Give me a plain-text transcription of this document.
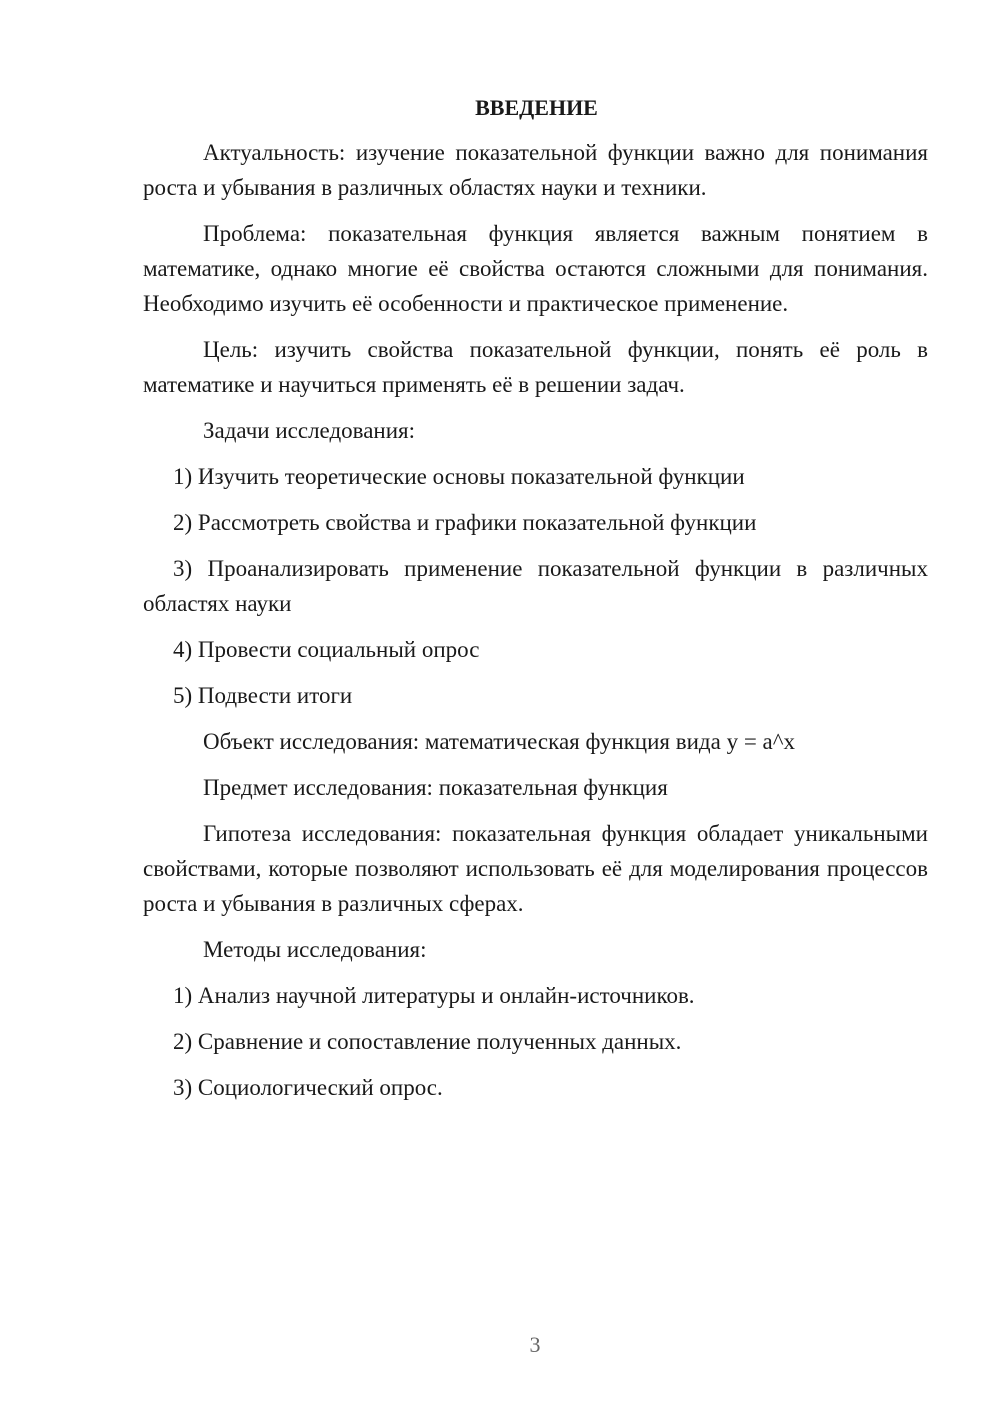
ВВЕДЕНИЕ

Актуальность: изучение показательной функции важно для понимания роста и убывания в различных областях науки и техники.

Проблема: показательная функция является важным понятием в математике, однако многие её свойства остаются сложными для понимания. Необходимо изучить её особенности и практическое применение.

Цель: изучить свойства показательной функции, понять её роль в математике и научиться применять её в решении задач.

Задачи исследования:

1) Изучить теоретические основы показательной функции

2) Рассмотреть свойства и графики показательной функции

3) Проанализировать применение показательной функции в различных областях науки

4) Провести социальный опрос

5) Подвести итоги

Объект исследования: математическая функция вида y = a^x

Предмет исследования: показательная функция

Гипотеза исследования: показательная функция обладает уникальными свойствами, которые позволяют использовать её для моделирования процессов роста и убывания в различных сферах.

Методы исследования:

1) Анализ научной литературы и онлайн-источников.

2) Сравнение и сопоставление полученных данных.

3) Социологический опрос.

3
